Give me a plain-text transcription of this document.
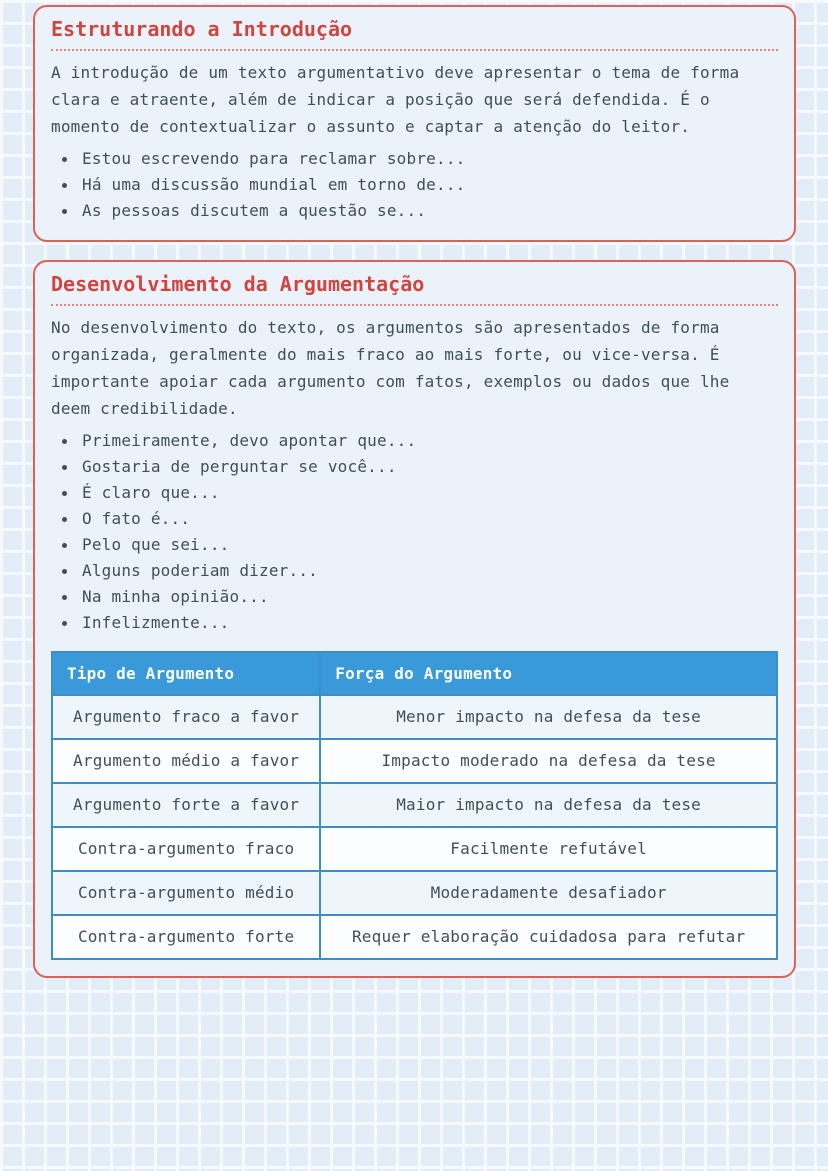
Estruturando a Introdução

A introdução de um texto argumentativo deve apresentar o tema de forma clara e atraente, além de indicar a posição que será defendida. É o momento de contextualizar o assunto e captar a atenção do leitor.

Estou escrevendo para reclamar sobre...
Há uma discussão mundial em torno de...
As pessoas discutem a questão se...
Desenvolvimento da Argumentação

No desenvolvimento do texto, os argumentos são apresentados de forma organizada, geralmente do mais fraco ao mais forte, ou vice-versa. É importante apoiar cada argumento com fatos, exemplos ou dados que lhe deem credibilidade.

Primeiramente, devo apontar que...
Gostaria de perguntar se você...
É claro que...
O fato é...
Pelo que sei...
Alguns poderiam dizer...
Na minha opinião...
Infelizmente...
Tipo de Argumento	Força do Argumento
Argumento fraco a favor	Menor impacto na defesa da tese
Argumento médio a favor	Impacto moderado na defesa da tese
Argumento forte a favor	Maior impacto na defesa da tese
Contra-argumento fraco	Facilmente refutável
Contra-argumento médio	Moderadamente desafiador
Contra-argumento forte	Requer elaboração cuidadosa para refutar
